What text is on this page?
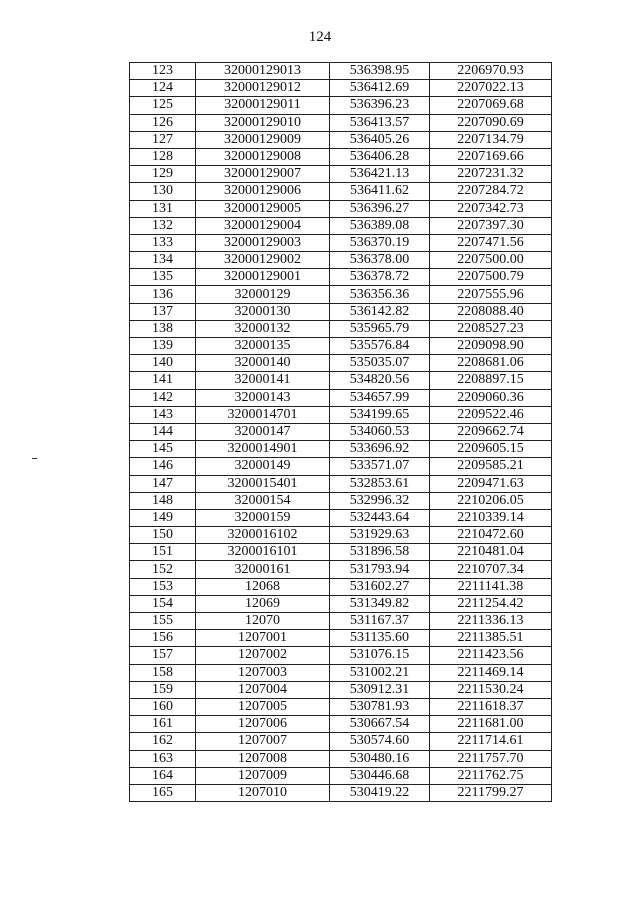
124
123	32000129013	536398.95	2206970.93
124	32000129012	536412.69	2207022.13
125	32000129011	536396.23	2207069.68
126	32000129010	536413.57	2207090.69
127	32000129009	536405.26	2207134.79
128	32000129008	536406.28	2207169.66
129	32000129007	536421.13	2207231.32
130	32000129006	536411.62	2207284.72
131	32000129005	536396.27	2207342.73
132	32000129004	536389.08	2207397.30
133	32000129003	536370.19	2207471.56
134	32000129002	536378.00	2207500.00
135	32000129001	536378.72	2207500.79
136	32000129	536356.36	2207555.96
137	32000130	536142.82	2208088.40
138	32000132	535965.79	2208527.23
139	32000135	535576.84	2209098.90
140	32000140	535035.07	2208681.06
141	32000141	534820.56	2208897.15
142	32000143	534657.99	2209060.36
143	3200014701	534199.65	2209522.46
144	32000147	534060.53	2209662.74
145	3200014901	533696.92	2209605.15
146	32000149	533571.07	2209585.21
147	3200015401	532853.61	2209471.63
148	32000154	532996.32	2210206.05
149	32000159	532443.64	2210339.14
150	3200016102	531929.63	2210472.60
151	3200016101	531896.58	2210481.04
152	32000161	531793.94	2210707.34
153	12068	531602.27	2211141.38
154	12069	531349.82	2211254.42
155	12070	531167.37	2211336.13
156	1207001	531135.60	2211385.51
157	1207002	531076.15	2211423.56
158	1207003	531002.21	2211469.14
159	1207004	530912.31	2211530.24
160	1207005	530781.93	2211618.37
161	1207006	530667.54	2211681.00
162	1207007	530574.60	2211714.61
163	1207008	530480.16	2211757.70
164	1207009	530446.68	2211762.75
165	1207010	530419.22	2211799.27
